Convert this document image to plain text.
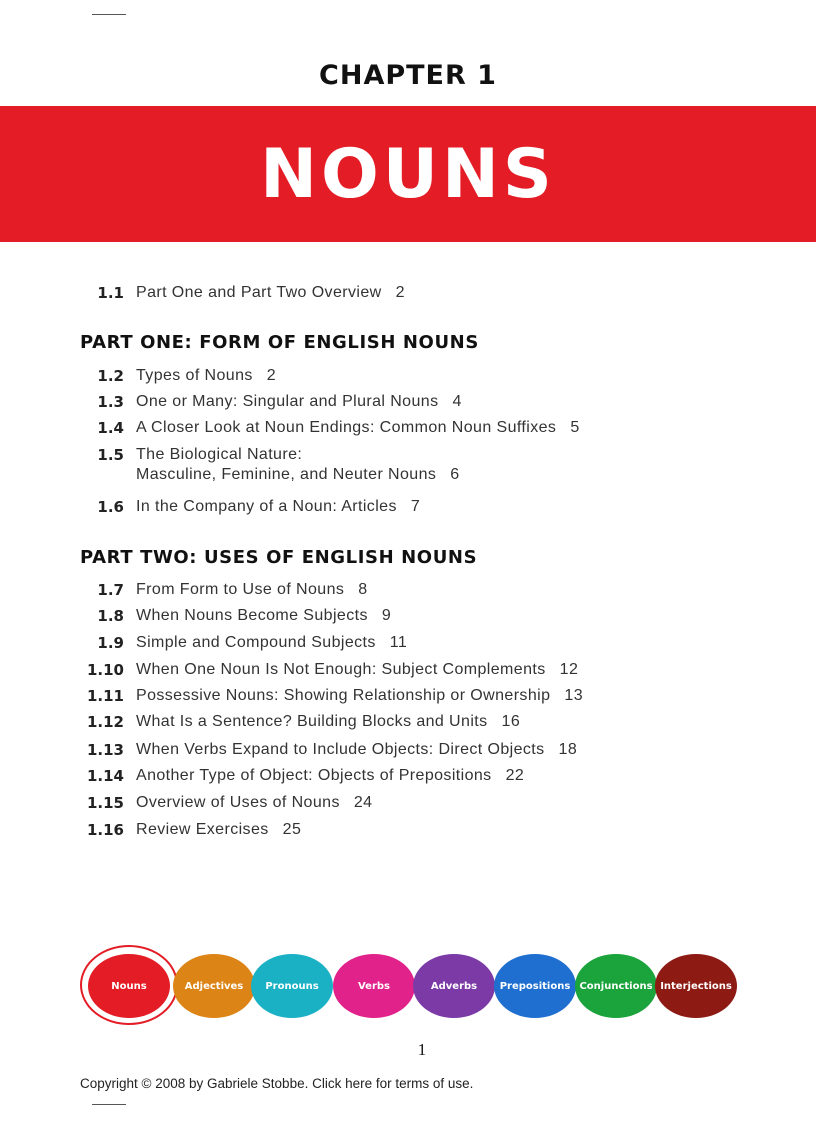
CHAPTER 1
NOUNS
1.1 Part One and Part Two Overview 2
PART ONE: FORM OF ENGLISH NOUNS
1.2 Types of Nouns 2
1.3 One or Many: Singular and Plural Nouns 4
1.4 A Closer Look at Noun Endings: Common Noun Suffixes 5
1.5 The Biological Nature:
Masculine, Feminine, and Neuter Nouns 6
1.6 In the Company of a Noun: Articles 7
PART TWO: USES OF ENGLISH NOUNS
1.7 From Form to Use of Nouns 8
1.8 When Nouns Become Subjects 9
1.9 Simple and Compound Subjects 11
1.10 When One Noun Is Not Enough: Subject Complements 12
1.11 Possessive Nouns: Showing Relationship or Ownership 13
1.12 What Is a Sentence? Building Blocks and Units 16
1.13 When Verbs Expand to Include Objects: Direct Objects 18
1.14 Another Type of Object: Objects of Prepositions 22
1.15 Overview of Uses of Nouns 24
1.16 Review Exercises 25
Nouns	Adjectives	Pronouns	Verbs	Adverbs	Prepositions Conjunctions Interjections
1
Copyright © 2008 by Gabriele Stobbe. Click here for terms of use.
